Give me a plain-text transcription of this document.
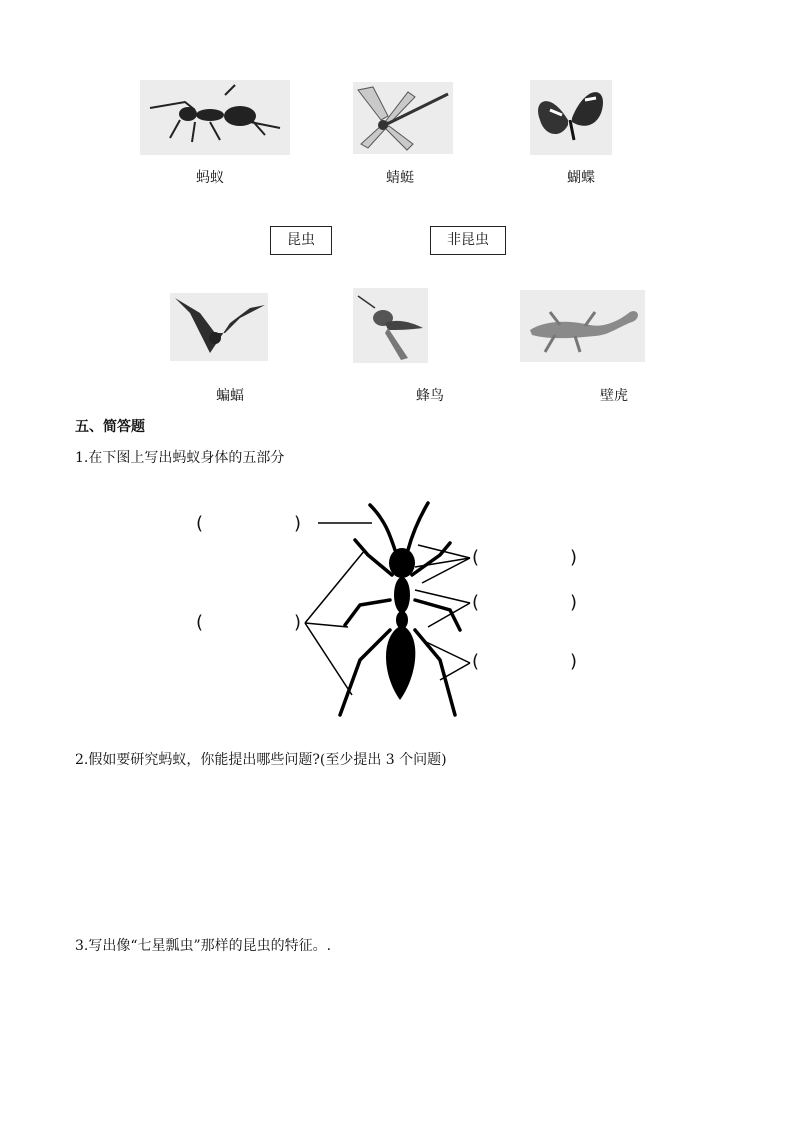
蚂蚁	蜻蜓	蝴蝶
昆虫	非昆虫
蝙蝠	蜂鸟	壁虎
五、简答题
1.在下图上写出蚂蚁身体的五部分
(	)
(	)
(	)
(	)
(	)
2.假如要研究蚂蚁，你能提出哪些问题?(至少提出 3 个问题)
3.写出像“七星瓢虫”那样的昆虫的特征。.
